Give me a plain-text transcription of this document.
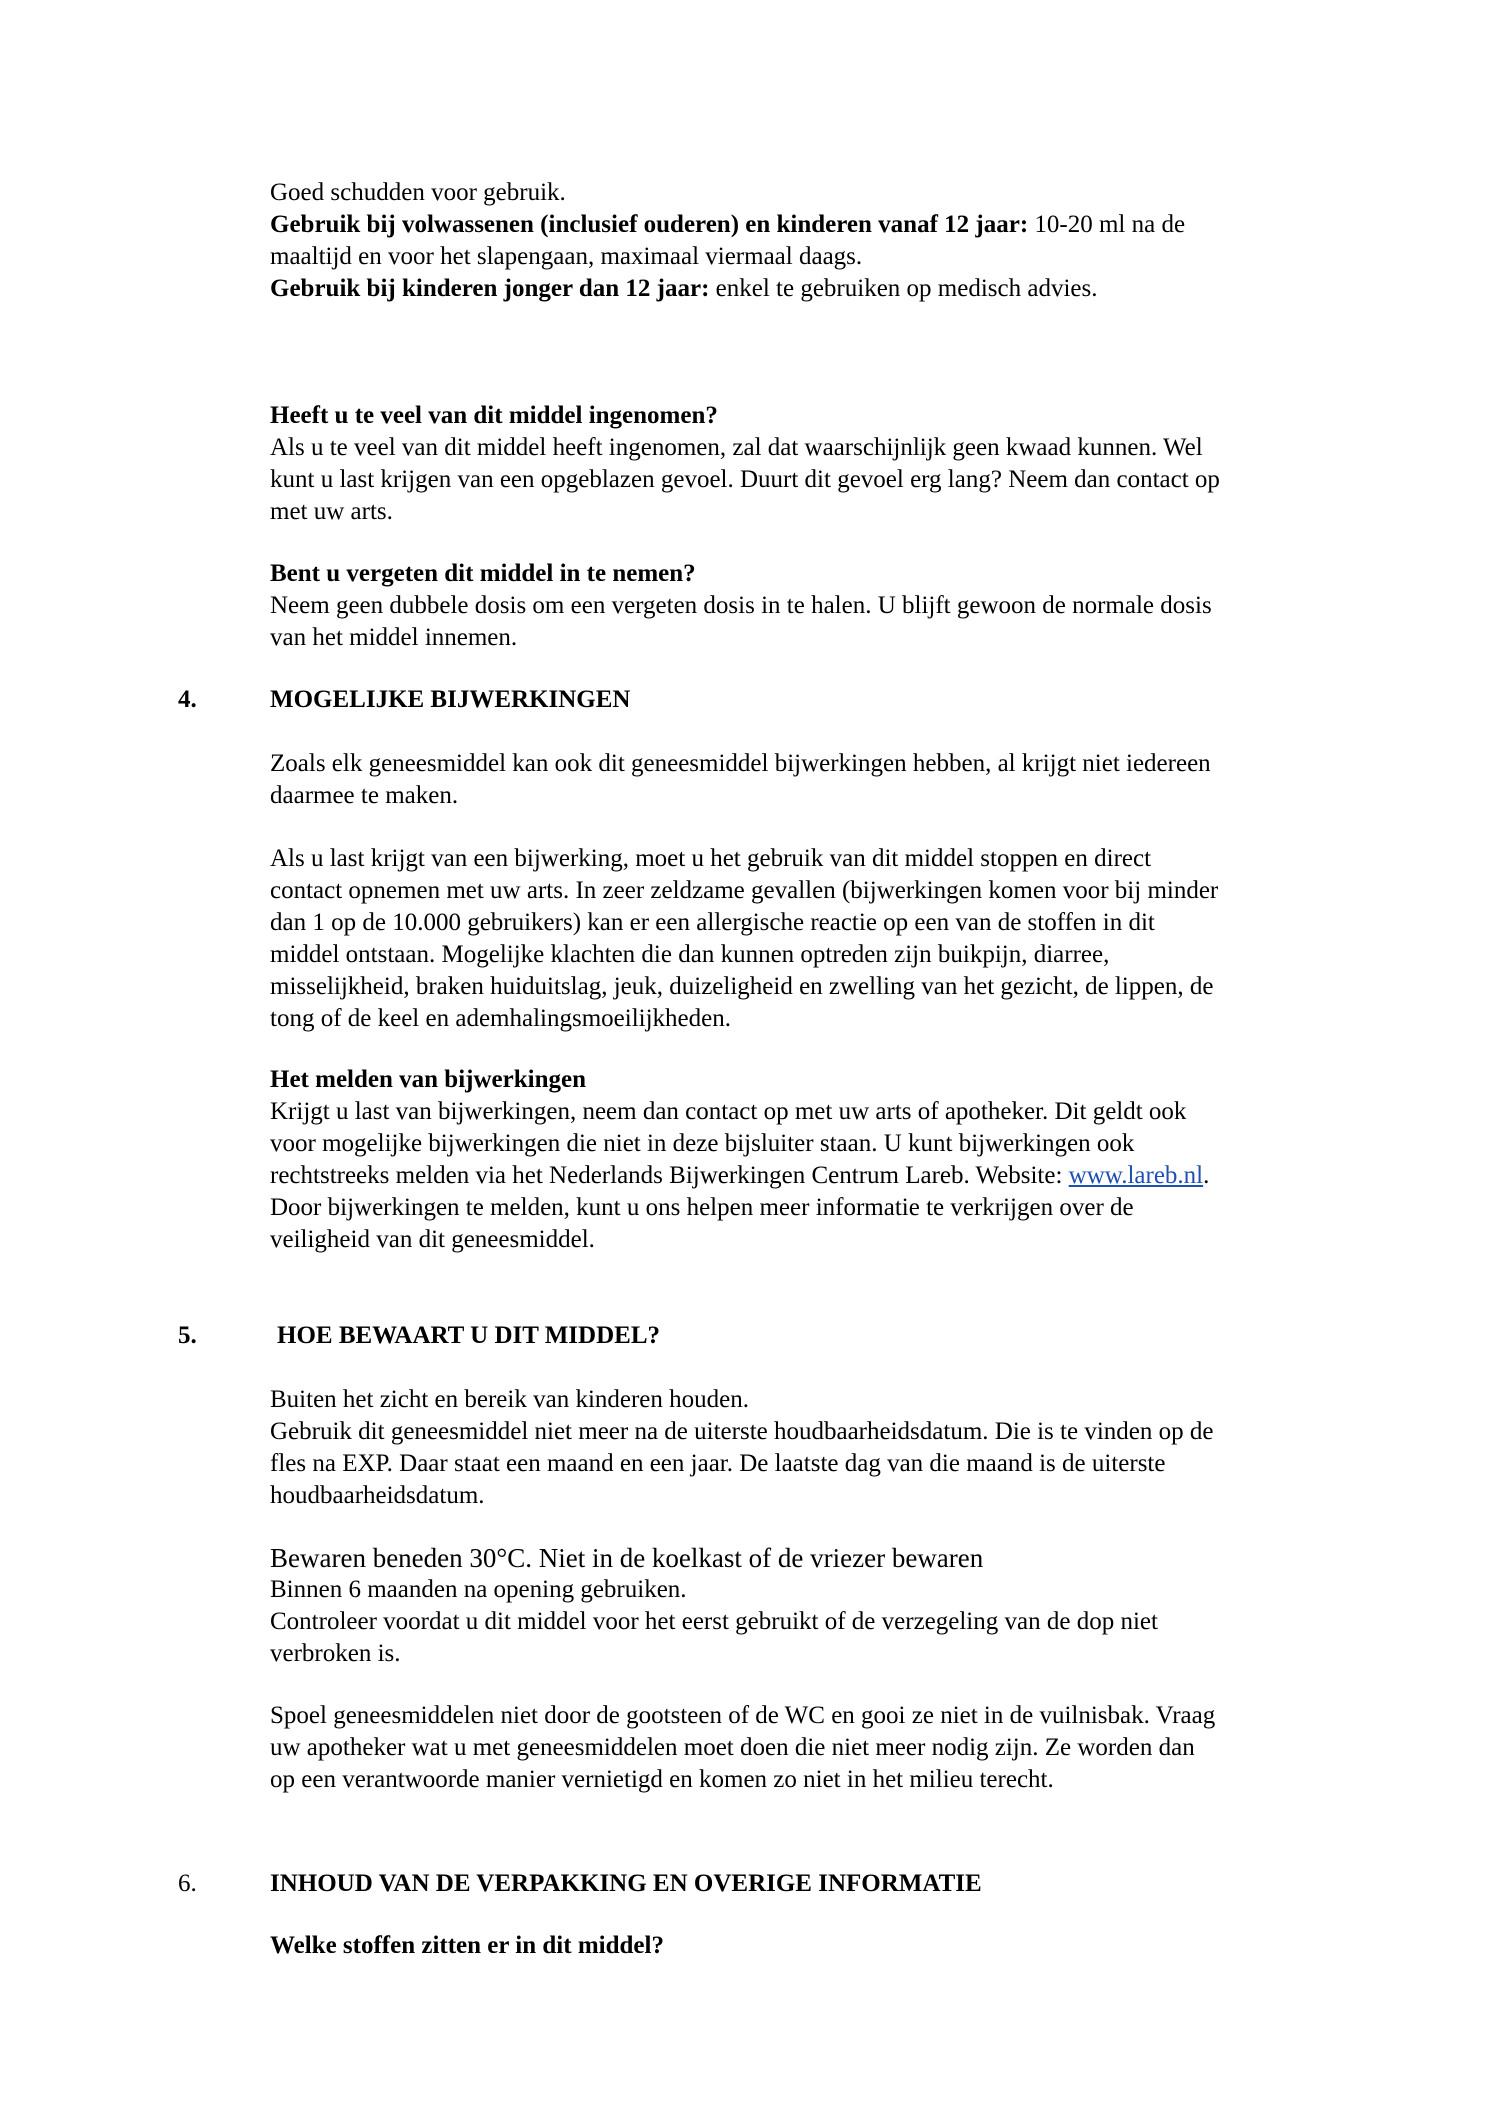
Goed schudden voor gebruik.

Gebruik bij volwassenen (inclusief ouderen) en kinderen vanaf 12 jaar: 10-20 ml na de

maaltijd en voor het slapengaan, maximaal viermaal daags.

Gebruik bij kinderen jonger dan 12 jaar: enkel te gebruiken op medisch advies.

Heeft u te veel van dit middel ingenomen?

Als u te veel van dit middel heeft ingenomen, zal dat waarschijnlijk geen kwaad kunnen. Wel

kunt u last krijgen van een opgeblazen gevoel. Duurt dit gevoel erg lang? Neem dan contact op

met uw arts.

Bent u vergeten dit middel in te nemen?

Neem geen dubbele dosis om een vergeten dosis in te halen. U blijft gewoon de normale dosis

van het middel innemen.

4.	MOGELIJKE BIJWERKINGEN

Zoals elk geneesmiddel kan ook dit geneesmiddel bijwerkingen hebben, al krijgt niet iedereen

daarmee te maken.

Als u last krijgt van een bijwerking, moet u het gebruik van dit middel stoppen en direct

contact opnemen met uw arts. In zeer zeldzame gevallen (bijwerkingen komen voor bij minder

dan 1 op de 10.000 gebruikers) kan er een allergische reactie op een van de stoffen in dit

middel ontstaan. Mogelijke klachten die dan kunnen optreden zijn buikpijn, diarree,

misselijkheid, braken huiduitslag, jeuk, duizeligheid en zwelling van het gezicht, de lippen, de

tong of de keel en ademhalingsmoeilijkheden.

Het melden van bijwerkingen

Krijgt u last van bijwerkingen, neem dan contact op met uw arts of apotheker. Dit geldt ook

voor mogelijke bijwerkingen die niet in deze bijsluiter staan. U kunt bijwerkingen ook

rechtstreeks melden via het Nederlands Bijwerkingen Centrum Lareb. Website: www.lareb.nl.

Door bijwerkingen te melden, kunt u ons helpen meer informatie te verkrijgen over de

veiligheid van dit geneesmiddel.

5.	HOE BEWAART U DIT MIDDEL?

Buiten het zicht en bereik van kinderen houden.

Gebruik dit geneesmiddel niet meer na de uiterste houdbaarheidsdatum. Die is te vinden op de

fles na EXP. Daar staat een maand en een jaar. De laatste dag van die maand is de uiterste

houdbaarheidsdatum.

Bewaren beneden 30°C. Niet in de koelkast of de vriezer bewaren

Binnen 6 maanden na opening gebruiken.

Controleer voordat u dit middel voor het eerst gebruikt of de verzegeling van de dop niet

verbroken is.

Spoel geneesmiddelen niet door de gootsteen of de WC en gooi ze niet in de vuilnisbak. Vraag

uw apotheker wat u met geneesmiddelen moet doen die niet meer nodig zijn. Ze worden dan

op een verantwoorde manier vernietigd en komen zo niet in het milieu terecht.

6.	INHOUD VAN DE VERPAKKING EN OVERIGE INFORMATIE
Welke stoffen zitten er in dit middel?
